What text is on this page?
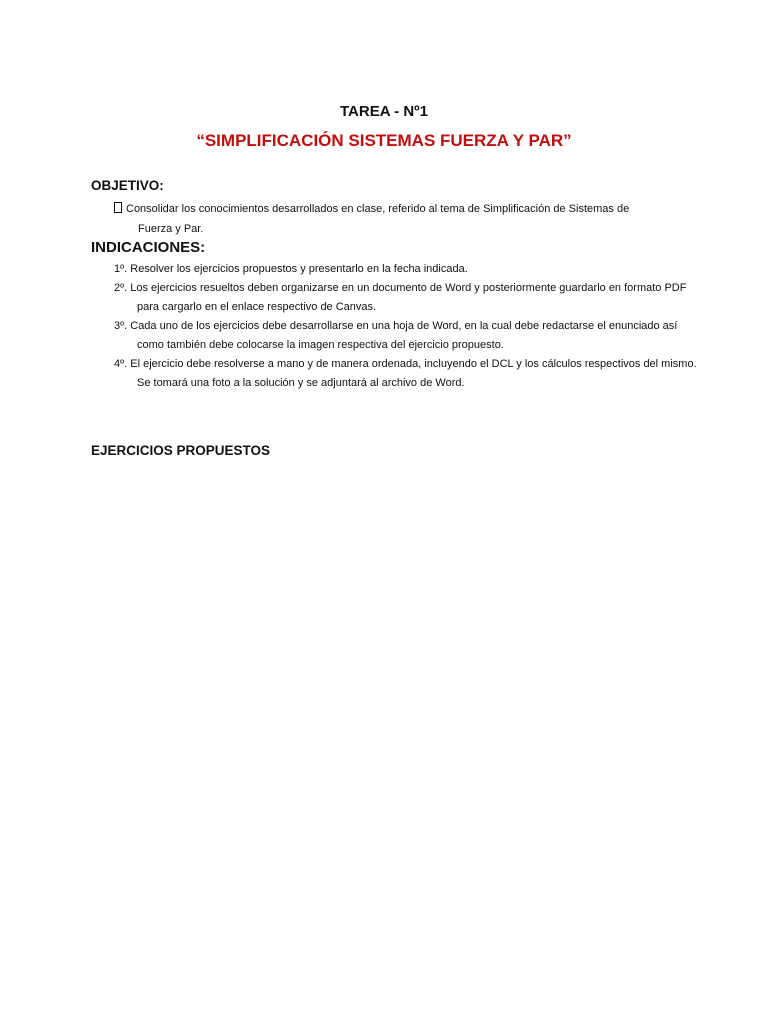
TAREA - Nº1
“SIMPLIFICACIÓN SISTEMAS FUERZA Y PAR”
OBJETIVO:
Consolidar los conocimientos desarrollados en clase, referido al tema de Simplificación de Sistemas de
Fuerza y Par.
INDICACIONES:
1º. Resolver los ejercicios propuestos y presentarlo en la fecha indicada.
2º. Los ejercicios resueltos deben organizarse en un documento de Word y posteriormente guardarlo en formato PDF para cargarlo en el enlace respectivo de Canvas.
3º. Cada uno de los ejercicios debe desarrollarse en una hoja de Word, en la cual debe redactarse el enunciado así como también debe colocarse la imagen respectiva del ejercicio propuesto.
4º. El ejercicio debe resolverse a mano y de manera ordenada, incluyendo el DCL y los cálculos respectivos del mismo. Se tomará una foto a la solución y se adjuntará al archivo de Word.
EJERCICIOS PROPUESTOS
